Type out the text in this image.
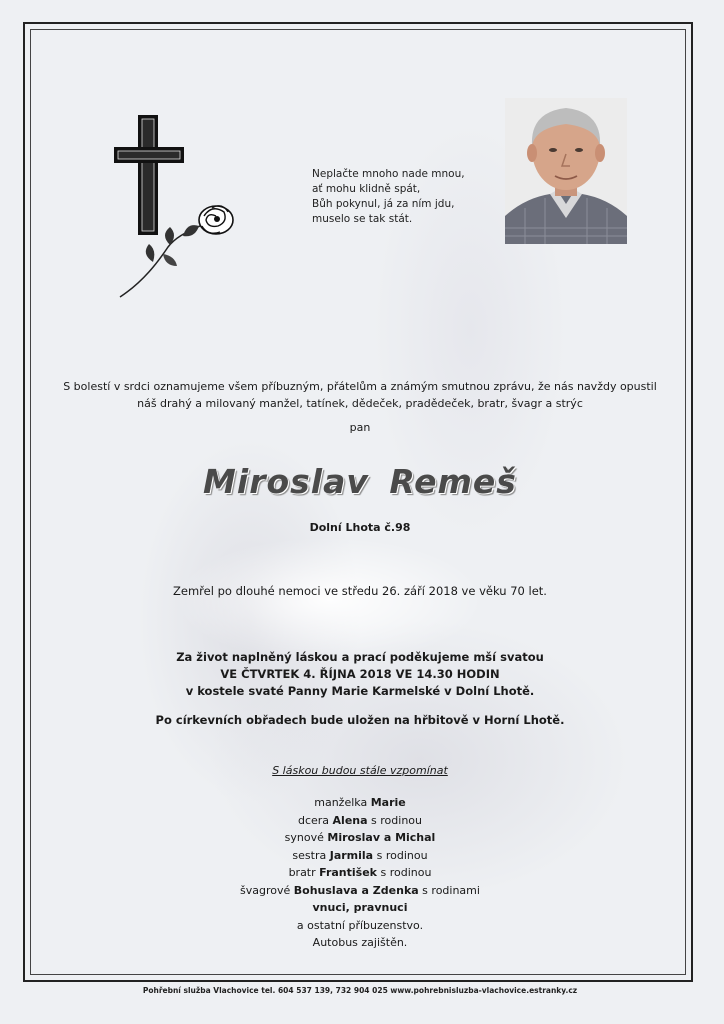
Neplačte mnoho nade mnou,
ať mohu klidně spát,
Bůh pokynul, já za ním jdu,
muselo se tak stát.
S bolestí v srdci oznamujeme všem příbuzným, přátelům a známým smutnou zprávu, že nás navždy opustil
náš drahý a milovaný manžel, tatínek, dědeček, pradědeček, bratr, švagr a strýc
pan
Miroslav Remeš
Dolní Lhota č.98
Zemřel po dlouhé nemoci ve středu 26. září 2018 ve věku 70 let.
Za život naplněný láskou a prací poděkujeme mší svatou
VE ČTVRTEK 4. ŘÍJNA 2018 VE 14.30 HODIN
v kostele svaté Panny Marie Karmelské v Dolní Lhotě.
Po církevních obřadech bude uložen na hřbitově v Horní Lhotě.
S láskou budou stále vzpomínat
manželka Marie
dcera Alena s rodinou
synové Miroslav a Michal
sestra Jarmila s rodinou
bratr František s rodinou
švagrové Bohuslava a Zdenka s rodinami
vnuci, pravnuci
a ostatní příbuzenstvo.
Autobus zajištěn.
Pohřební služba Vlachovice tel. 604 537 139, 732 904 025 www.pohrebnisluzba-vlachovice.estranky.cz
